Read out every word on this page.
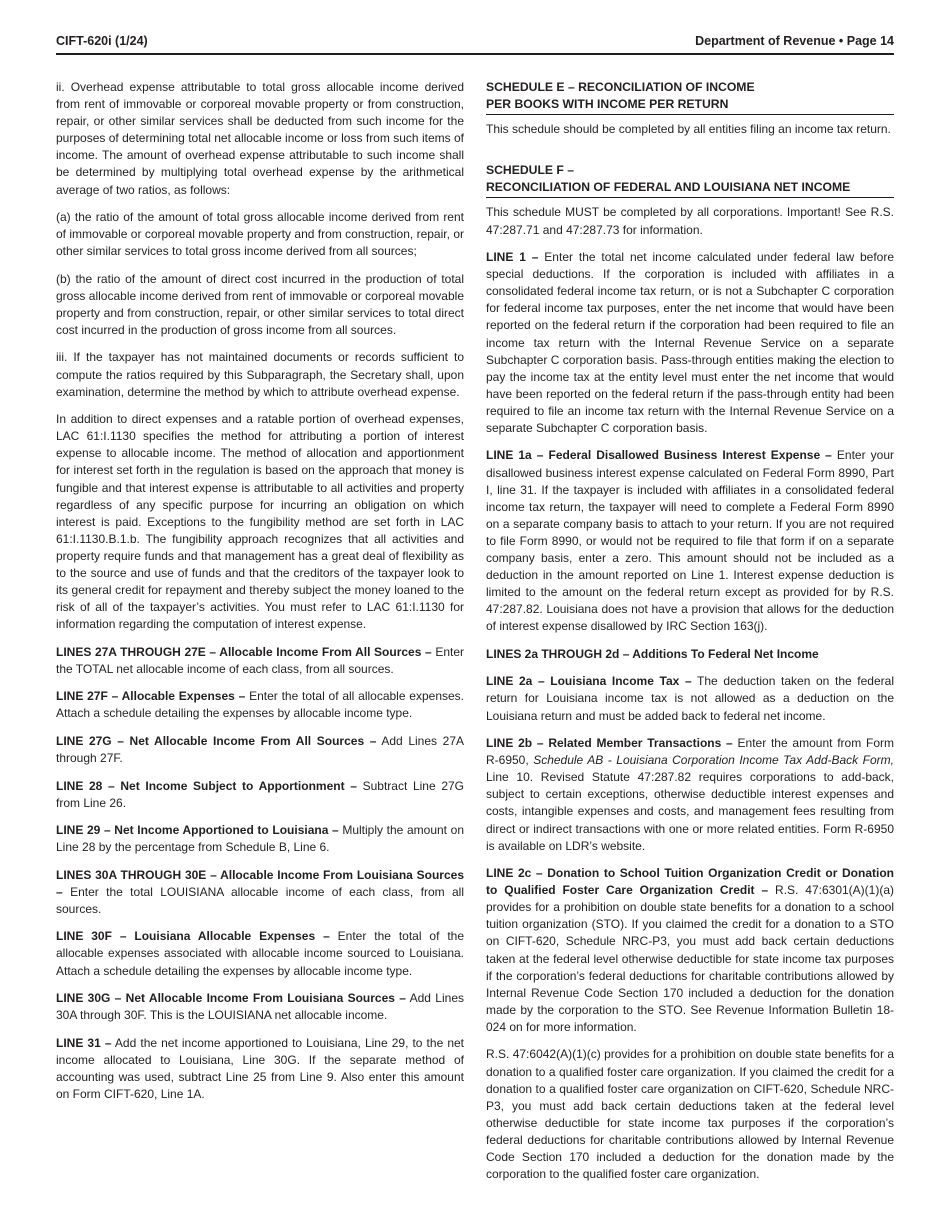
CIFT-620i (1/24)	Department of Revenue • Page 14

ii. Overhead expense attributable to total gross allocable income derived from rent of immovable or corporeal movable property or from construction, repair, or other similar services shall be deducted from such income for the purposes of determining total net allocable income or loss from such items of income. The amount of overhead expense attributable to such income shall be determined by multiplying total overhead expense by the arithmetical average of two ratios, as follows:

(a) the ratio of the amount of total gross allocable income derived from rent of immovable or corporeal movable property and from construction, repair, or other similar services to total gross income derived from all sources;

(b) the ratio of the amount of direct cost incurred in the production of total gross allocable income derived from rent of immovable or corporeal movable property and from construction, repair, or other similar services to total direct cost incurred in the production of gross income from all sources.

iii. If the taxpayer has not maintained documents or records sufficient to compute the ratios required by this Subparagraph, the Secretary shall, upon examination, determine the method by which to attribute overhead expense.

In addition to direct expenses and a ratable portion of overhead expenses, LAC 61:I.1130 specifies the method for attributing a portion of interest expense to allocable income. The method of allocation and apportionment for interest set forth in the regulation is based on the approach that money is fungible and that interest expense is attributable to all activities and property regardless of any specific purpose for incurring an obligation on which interest is paid. Exceptions to the fungibility method are set forth in LAC 61:I.1130.B.1.b. The fungibility approach recognizes that all activities and property require funds and that management has a great deal of flexibility as to the source and use of funds and that the creditors of the taxpayer look to its general credit for repayment and thereby subject the money loaned to the risk of all of the taxpayer’s activities. You must refer to LAC 61:I.1130 for information regarding the computation of interest expense.

LINES 27A THROUGH 27E – Allocable Income From All Sources – Enter the TOTAL net allocable income of each class, from all sources.

LINE 27F – Allocable Expenses – Enter the total of all allocable expenses. Attach a schedule detailing the expenses by allocable income type.

LINE 27G – Net Allocable Income From All Sources – Add Lines 27A through 27F.

LINE 28 – Net Income Subject to Apportionment – Subtract Line 27G from Line 26.

LINE 29 – Net Income Apportioned to Louisiana – Multiply the amount on Line 28 by the percentage from Schedule B, Line 6.

LINES 30A THROUGH 30E – Allocable Income From Louisiana Sources – Enter the total LOUISIANA allocable income of each class, from all sources.

LINE 30F – Louisiana Allocable Expenses – Enter the total of the allocable expenses associated with allocable income sourced to Louisiana. Attach a schedule detailing the expenses by allocable income type.

LINE 30G – Net Allocable Income From Louisiana Sources – Add Lines 30A through 30F. This is the LOUISIANA net allocable income.

LINE 31 – Add the net income apportioned to Louisiana, Line 29, to the net income allocated to Louisiana, Line 30G. If the separate method of accounting was used, subtract Line 25 from Line 9. Also enter this amount on Form CIFT-620, Line 1A.

SCHEDULE E – RECONCILIATION OF INCOME
PER BOOKS WITH INCOME PER RETURN

This schedule should be completed by all entities filing an income tax return.

SCHEDULE F –
RECONCILIATION OF FEDERAL AND LOUISIANA NET INCOME

This schedule MUST be completed by all corporations. Important! See R.S. 47:287.71 and 47:287.73 for information.

LINE 1 – Enter the total net income calculated under federal law before special deductions. If the corporation is included with affiliates in a consolidated federal income tax return, or is not a Subchapter C corporation for federal income tax purposes, enter the net income that would have been reported on the federal return if the corporation had been required to file an income tax return with the Internal Revenue Service on a separate Subchapter C corporation basis. Pass-through entities making the election to pay the income tax at the entity level must enter the net income that would have been reported on the federal return if the pass-through entity had been required to file an income tax return with the Internal Revenue Service on a separate Subchapter C corporation basis.

LINE 1a – Federal Disallowed Business Interest Expense – Enter your disallowed business interest expense calculated on Federal Form 8990, Part I, line 31. If the taxpayer is included with affiliates in a consolidated federal income tax return, the taxpayer will need to complete a Federal Form 8990 on a separate company basis to attach to your return. If you are not required to file Form 8990, or would not be required to file that form if on a separate company basis, enter a zero. This amount should not be included as a deduction in the amount reported on Line 1. Interest expense deduction is limited to the amount on the federal return except as provided for by R.S. 47:287.82. Louisiana does not have a provision that allows for the deduction of interest expense disallowed by IRC Section 163(j).

LINES 2a THROUGH 2d – Additions To Federal Net Income

LINE 2a – Louisiana Income Tax – The deduction taken on the federal return for Louisiana income tax is not allowed as a deduction on the Louisiana return and must be added back to federal net income.

LINE 2b – Related Member Transactions – Enter the amount from Form R-6950, Schedule AB - Louisiana Corporation Income Tax Add-Back Form, Line 10. Revised Statute 47:287.82 requires corporations to add-back, subject to certain exceptions, otherwise deductible interest expenses and costs, intangible expenses and costs, and management fees resulting from direct or indirect transactions with one or more related entities. Form R-6950 is available on LDR’s website.

LINE 2c – Donation to School Tuition Organization Credit or Donation to Qualified Foster Care Organization Credit – R.S. 47:6301(A)(1)(a) provides for a prohibition on double state benefits for a donation to a school tuition organization (STO). If you claimed the credit for a donation to a STO on CIFT-620, Schedule NRC-P3, you must add back certain deductions taken at the federal level otherwise deductible for state income tax purposes if the corporation’s federal deductions for charitable contributions allowed by Internal Revenue Code Section 170 included a deduction for the donation made by the corporation to the STO. See Revenue Information Bulletin 18-024 on for more information.

R.S. 47:6042(A)(1)(c) provides for a prohibition on double state benefits for a donation to a qualified foster care organization. If you claimed the credit for a donation to a qualified foster care organization on CIFT-620, Schedule NRC-P3, you must add back certain deductions taken at the federal level otherwise deductible for state income tax purposes if the corporation’s federal deductions for charitable contributions allowed by Internal Revenue Code Section 170 included a deduction for the donation made by the corporation to the qualified foster care organization.
